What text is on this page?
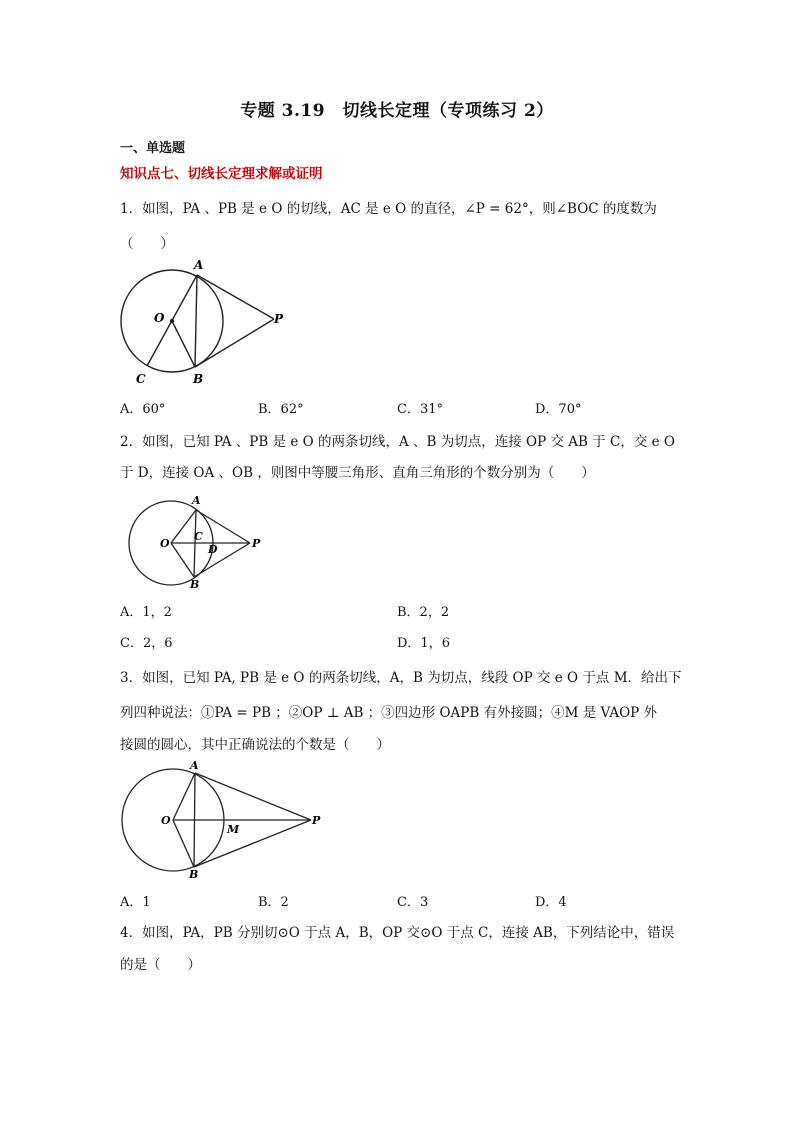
专题 3.19　切线长定理（专项练习 2）
一、单选题
知识点七、切线长定理求解或证明
1．如图，PA 、PB 是 e O 的切线，AC 是 e O 的直径，∠P = 62°，则∠BOC 的度数为
（　　）
A
O	P
C	B
A．60°	B．62°	C．31°	D．70°
2．如图，已知 PA 、PB 是 e O 的两条切线，A 、B 为切点，连接 OP 交 AB 于 C，交 e O
于 D，连接 OA 、OB ，则图中等腰三角形、直角三角形的个数分别为（　　）
A
O
C
D	P
B
A．1，2	B．2，2
C．2，6	D．1，6
3．如图，已知 PA, PB 是 e O 的两条切线，A，B 为切点，线段 OP 交 e O 于点 M．给出下
列四种说法：①PA = PB ；②OP ⊥ AB ；③四边形 OAPB 有外接圆；④M 是 VAOP 外
接圆的圆心，其中正确说法的个数是（　　）
A
O
M
P
B
A．1	B．2	C．3	D．4
4．如图，PA，PB 分别切⊙O 于点 A，B，OP 交⊙O 于点 C，连接 AB，下列结论中，错误
的是（　　）
